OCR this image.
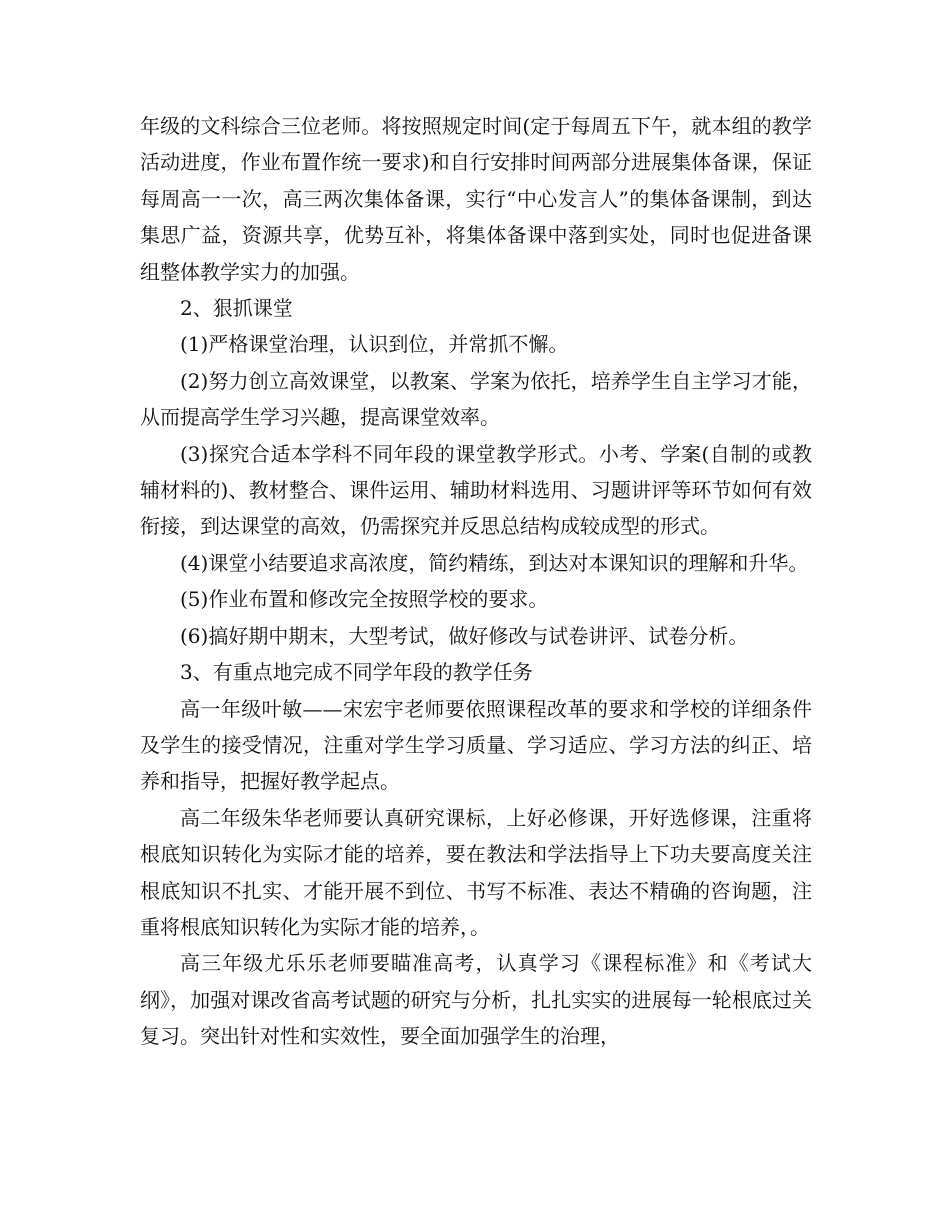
年级的文科综合三位老师。将按照规定时间(定于每周五下午，就本组的教学活动进度，作业布置作统一要求)和自行安排时间两部分进展集体备课，保证每周高一一次，高三两次集体备课，实行“中心发言人”的集体备课制，到达集思广益，资源共享，优势互补，将集体备课中落到实处，同时也促进备课组整体教学实力的加强。

2、狠抓课堂

(1)严格课堂治理，认识到位，并常抓不懈。

(2)努力创立高效课堂，以教案、学案为依托，培养学生自主学习才能，从而提高学生学习兴趣，提高课堂效率。

(3)探究合适本学科不同年段的课堂教学形式。小考、学案(自制的或教辅材料的)、教材整合、课件运用、辅助材料选用、习题讲评等环节如何有效衔接，到达课堂的高效，仍需探究并反思总结构成较成型的形式。

(4)课堂小结要追求高浓度，简约精练，到达对本课知识的理解和升华。

(5)作业布置和修改完全按照学校的要求。

(6)搞好期中期末，大型考试，做好修改与试卷讲评、试卷分析。

3、有重点地完成不同学年段的教学任务

高一年级叶敏——宋宏宇老师要依照课程改革的要求和学校的详细条件及学生的接受情况，注重对学生学习质量、学习适应、学习方法的纠正、培养和指导，把握好教学起点。

高二年级朱华老师要认真研究课标，上好必修课，开好选修课，注重将根底知识转化为实际才能的培养，要在教法和学法指导上下功夫要高度关注根底知识不扎实、才能开展不到位、书写不标准、表达不精确的咨询题，注重将根底知识转化为实际才能的培养，。

高三年级尤乐乐老师要瞄准高考，认真学习《课程标准》和《考试大纲》，加强对课改省高考试题的研究与分析，扎扎实实的进展每一轮根底过关复习。突出针对性和实效性，要全面加强学生的治理，
